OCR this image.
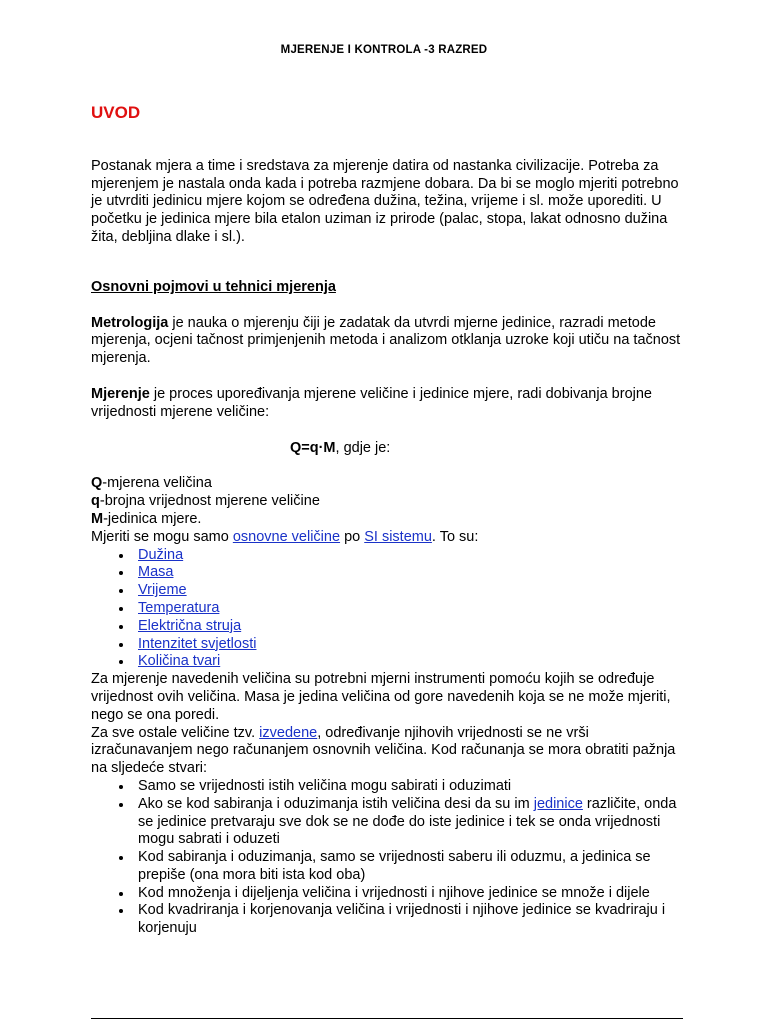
MJERENJE I KONTROLA -3 RAZRED
UVOD

Postanak mjera a time i sredstava za mjerenje datira od nastanka civilizacije. Potreba za mjerenjem je nastala onda kada i potreba razmjene dobara. Da bi se moglo mjeriti potrebno je utvrditi jedinicu mjere kojom se određena dužina, težina, vrijeme i sl. može uporediti. U početku je jedinica mjere bila etalon uziman iz prirode (palac, stopa, lakat odnosno dužina žita, debljina dlake i sl.).

Osnovni pojmovi u tehnici mjerenja

Metrologija je nauka o mjerenju čiji je zadatak da utvrdi mjerne jedinice, razradi metode mjerenja, ocjeni tačnost primjenjenih metoda i analizom otklanja uzroke koji utiču na tačnost mjerenja.

Mjerenje je proces upoređivanja mjerene veličine i jedinice mjere, radi dobivanja brojne vrijednosti mjerene veličine:

Q=q·M, gdje je:

Q-mjerena veličina

q-brojna vrijednost mjerene veličine

M-jedinica mjere.

Mjeriti se mogu samo osnovne veličine po SI sistemu. To su:

Dužina
Masa
Vrijeme
Temperatura
Električna struja
Intenzitet svjetlosti
Količina tvari

Za mjerenje navedenih veličina su potrebni mjerni instrumenti pomoću kojih se određuje vrijednost ovih veličina. Masa je jedina veličina od gore navedenih koja se ne može mjeriti, nego se ona poredi.

Za sve ostale veličine tzv. izvedene, određivanje njihovih vrijednosti se ne vrši izračunavanjem nego računanjem osnovnih veličina. Kod računanja se mora obratiti pažnja na sljedeće stvari:

Samo se vrijednosti istih veličina mogu sabirati i oduzimati
Ako se kod sabiranja i oduzimanja istih veličina desi da su im jedinice različite, onda se jedinice pretvaraju sve dok se ne dođe do iste jedinice i tek se onda vrijednosti mogu sabrati i oduzeti
Kod sabiranja i oduzimanja, samo se vrijednosti saberu ili oduzmu, a jedinica se prepiše (ona mora biti ista kod oba)
Kod množenja i dijeljenja veličina i vrijednosti i njihove jedinice se množe i dijele
Kod kvadriranja i korjenovanja veličina i vrijednosti i njihove jedinice se kvadriraju i korjenuju
